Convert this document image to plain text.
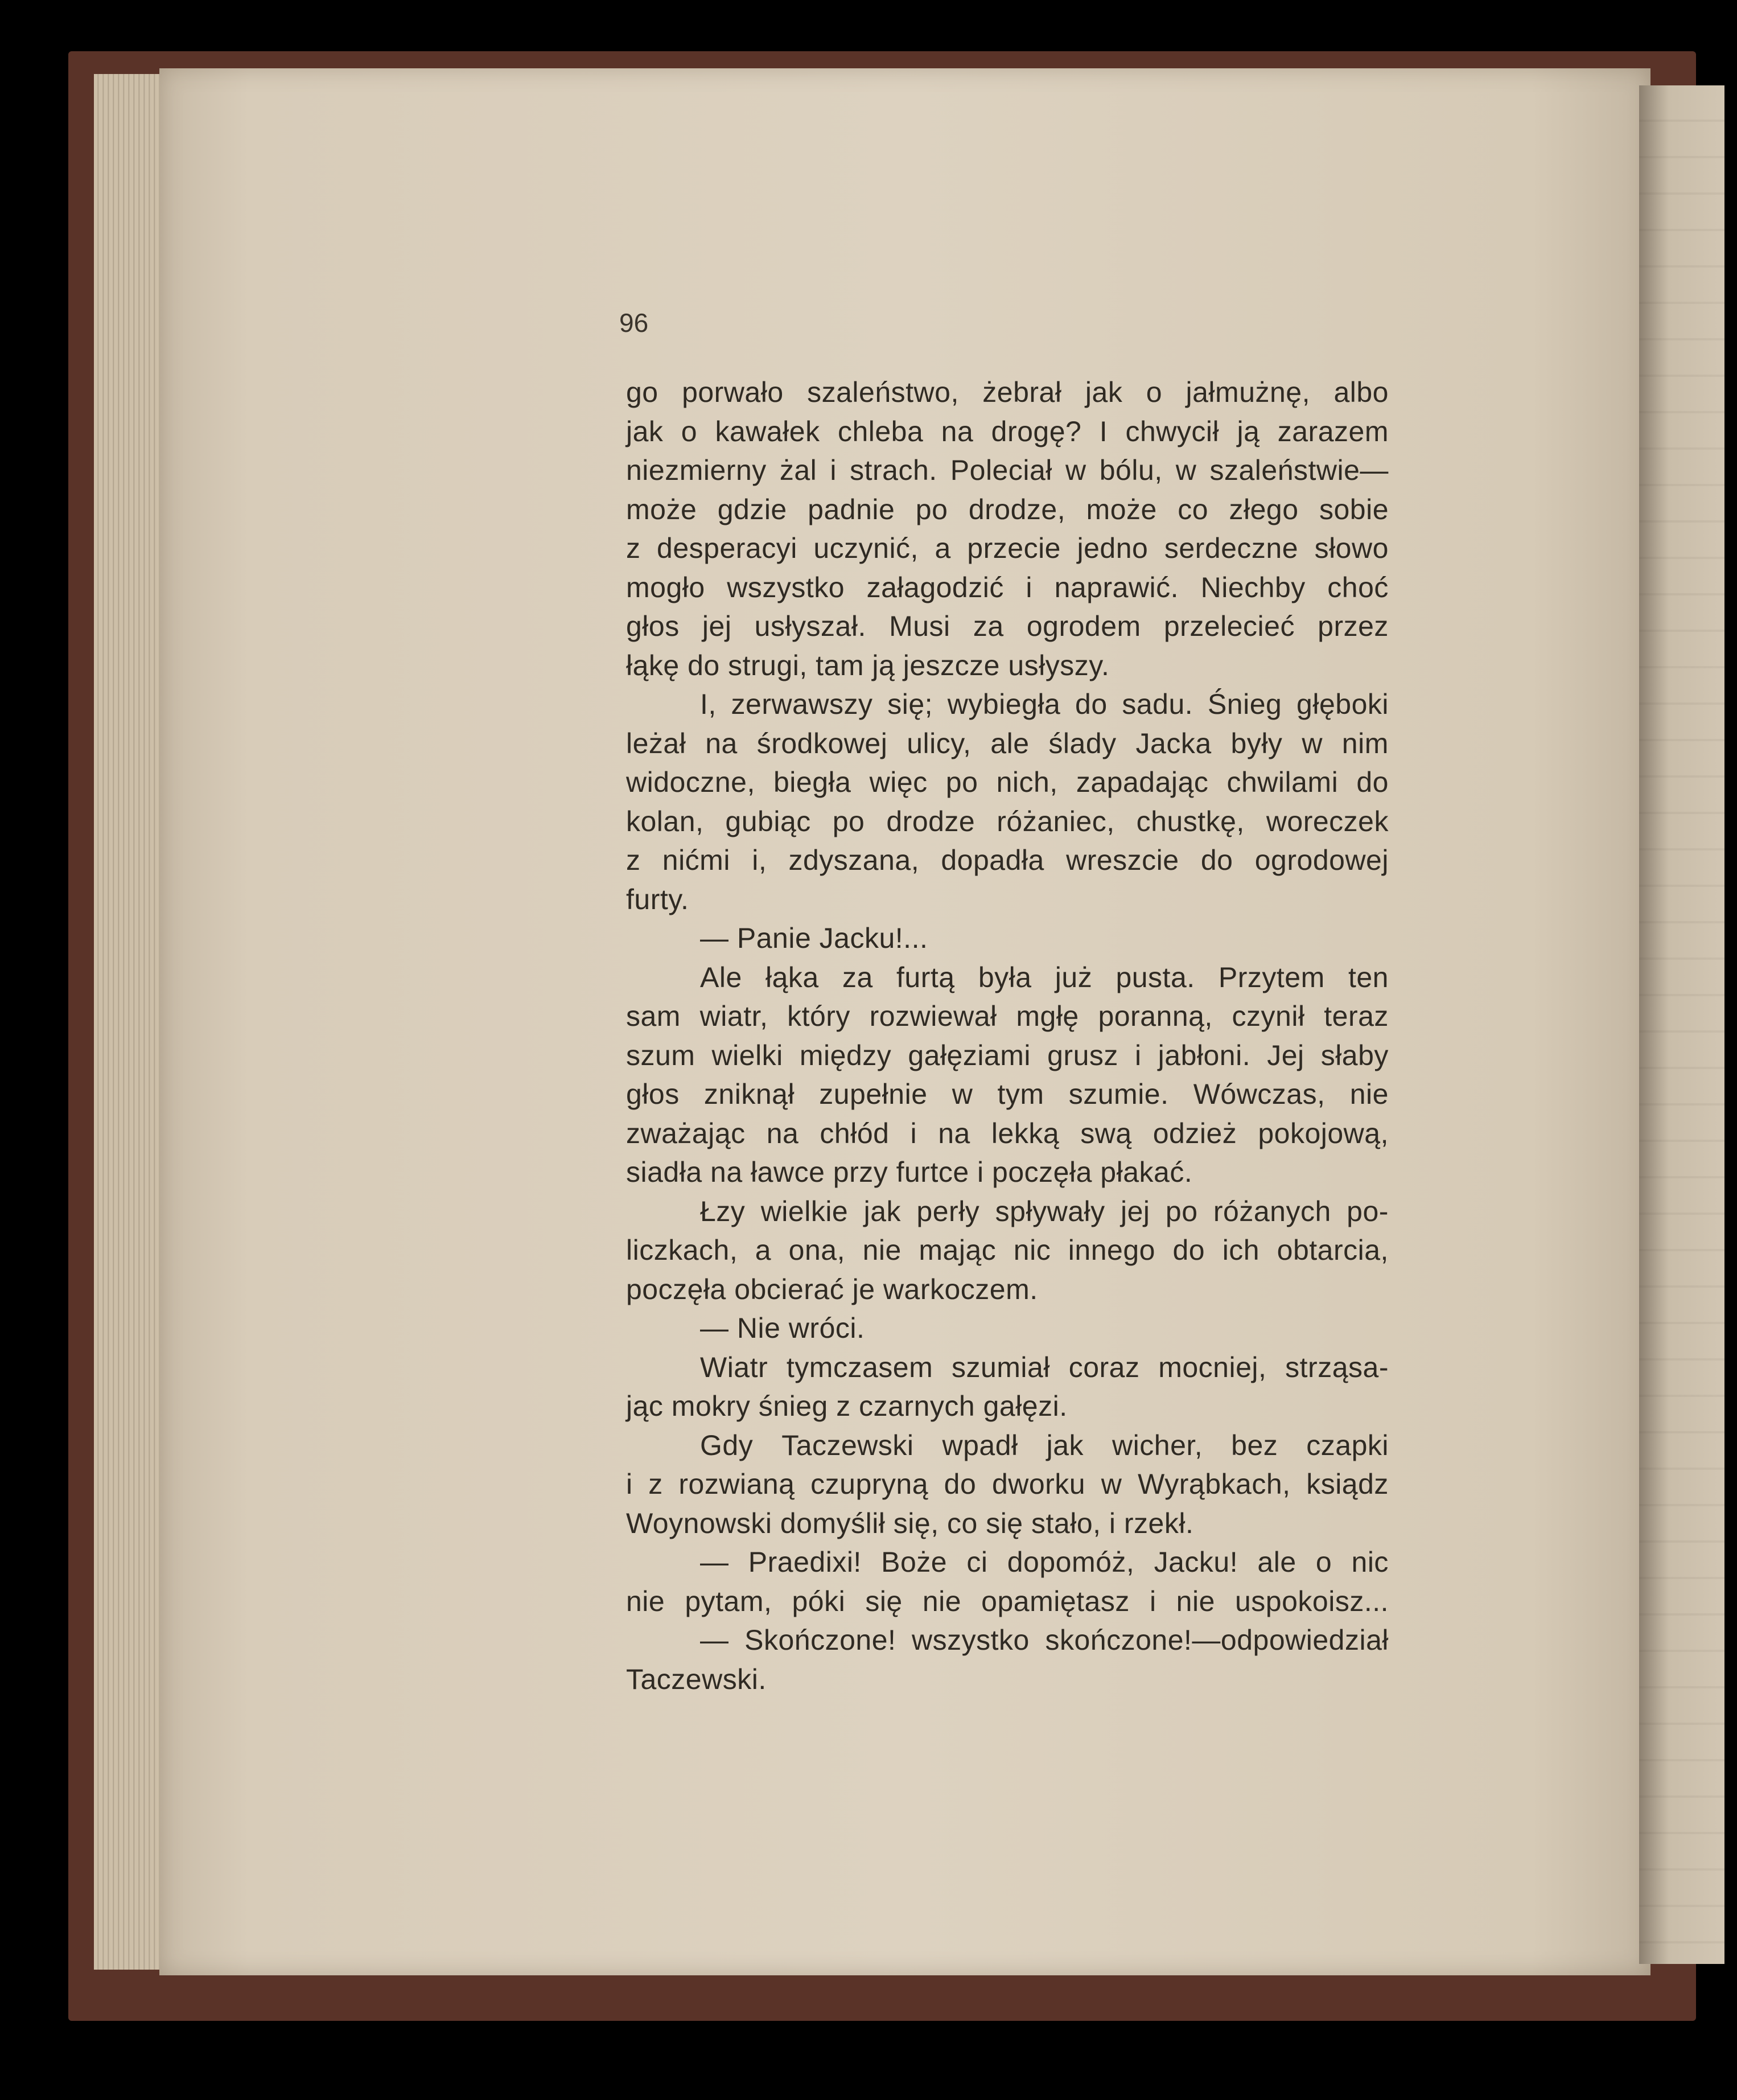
96
go porwało szaleństwo, żebrał jak o jałmużnę, albo
jak o kawałek chleba na drogę? I chwycił ją zarazem
niezmierny żal i strach. Poleciał w bólu, w szaleństwie—
może gdzie padnie po drodze, może co złego sobie
z desperacyi uczynić, a przecie jedno serdeczne słowo
mogło wszystko załagodzić i naprawić. Niechby choć
głos jej usłyszał. Musi za ogrodem przelecieć przez
łąkę do strugi, tam ją jeszcze usłyszy.
I, zerwawszy się; wybiegła do sadu. Śnieg głęboki
leżał na środkowej ulicy, ale ślady Jacka były w nim
widoczne, biegła więc po nich, zapadając chwilami do
kolan, gubiąc po drodze różaniec, chustkę, woreczek
z nićmi i, zdyszana, dopadła wreszcie do ogrodowej
furty.
— Panie Jacku!...
Ale łąka za furtą była już pusta. Przytem ten
sam wiatr, który rozwiewał mgłę poranną, czynił teraz
szum wielki między gałęziami grusz i jabłoni. Jej słaby
głos zniknął zupełnie w tym szumie. Wówczas, nie
zważając na chłód i na lekką swą odzież pokojową,
siadła na ławce przy furtce i poczęła płakać.
Łzy wielkie jak perły spływały jej po różanych po-
liczkach, a ona, nie mając nic innego do ich obtarcia,
poczęła obcierać je warkoczem.
— Nie wróci.
Wiatr tymczasem szumiał coraz mocniej, strząsa-
jąc mokry śnieg z czarnych gałęzi.
Gdy Taczewski wpadł jak wicher, bez czapki
i z rozwianą czupryną do dworku w Wyrąbkach, ksiądz
Woynowski domyślił się, co się stało, i rzekł.
— Praedixi! Boże ci dopomóż, Jacku! ale o nic
nie pytam, póki się nie opamiętasz i nie uspokoisz...
— Skończone! wszystko skończone!—odpowiedział
Taczewski.
